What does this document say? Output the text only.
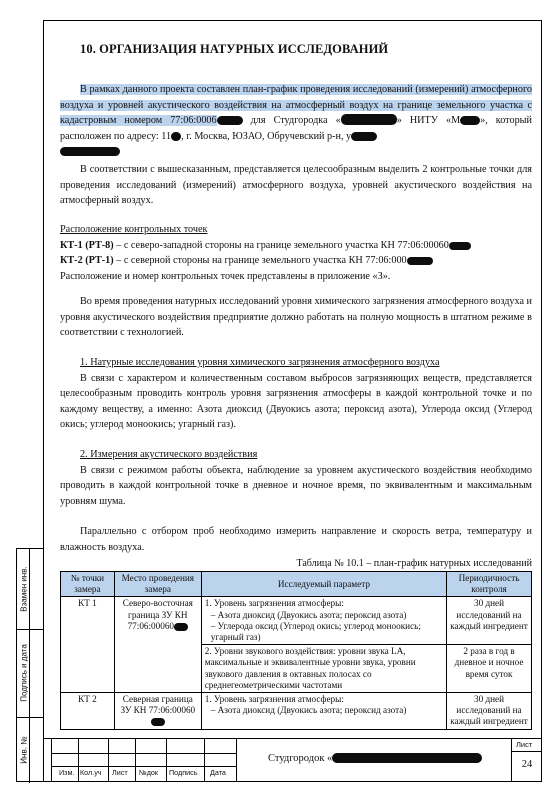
10. ОРГАНИЗАЦИЯ НАТУРНЫХ ИССЛЕДОВАНИЙ
В рамках данного проекта составлен план-график проведения исследований (измерений) атмосферного воздуха и уровней акустического воздействия на атмосферный воздух на границе земельного участка с кадастровым номером 77:06:0006	для Студгородка «	» НИТУ «М », который расположен по адресу: 11 , г. Москва, ЮЗАО, Обручевский р-н, у

В соответствии с вышесказанным, представляется целесообразным выделить 2 контрольные точки для проведения исследований (измерений) атмосферного воздуха, уровней акустического воздействия на атмосферный воздух.
Расположение контрольных точек
КТ-1 (РТ-8) – с северо-западной стороны на границе земельного участка КН 77:06:00060
КТ-2 (РТ-1) – с северной стороны на границе земельного участка КН 77:06:000
Расположение и номер контрольных точек представлены в приложение «З».
Во время проведения натурных исследований уровня химического загрязнения атмосферного воздуха и уровня акустического воздействия предприятие должно работать на полную мощность в штатном режиме в соответствии с технологией.
1. Натурные исследования уровня химического загрязнения атмосферного воздуха
В связи с характером и количественным составом выбросов загрязняющих веществ, представляется целесообразным проводить контроль уровня загрязнения атмосферы в каждой контрольной точке и по каждому веществу, а именно: Азота диоксид (Двуокись азота; пероксид азота), Углерода оксид (Углерод окись; углерод моноокись; угарный газ).
2. Измерения акустического воздействия
В связи с режимом работы объекта, наблюдение за уровнем акустического воздействия необходимо проводить в каждой контрольной точке в дневное и ночное время, по эквивалентным и максимальным уровням шума.
Параллельно с отбором проб необходимо измерить направление и скорость ветра, температуру и влажность воздуха.
Таблица № 10.1 – план-график натурных исследований
№ точки замера	Место проведения замера	Исследуемый параметр	Периодичность контроля
КТ 1	Северо-восточная граница ЗУ КН 77:06:00060	1. Уровень загрязнения атмосферы:
– Азота диоксид (Двуокись азота; пероксид азота)
– Углерода оксид (Углерод окись; углерод моноокись; угарный газ)	30 дней исследований на каждый ингредиент
		2. Уровни звукового воздействия: уровни звука LA, максимальные и эквивалентные уровни звука, уровни звукового давления в октавных полосах со среднегеометрическими частотами	2 раза в год в дневное и ночное время суток
КТ 2	Северная граница ЗУ КН 77:06:00060	1. Уровень загрязнения атмосферы:
– Азота диоксид (Двуокись азота; пероксид азота)	30 дней исследований на каждый ингредиент
Изм. Кол.уч Лист №док Подпись Дата
Студгородок «
Лист
24
Взамен инв.
Подпись и дата
Инв. №
